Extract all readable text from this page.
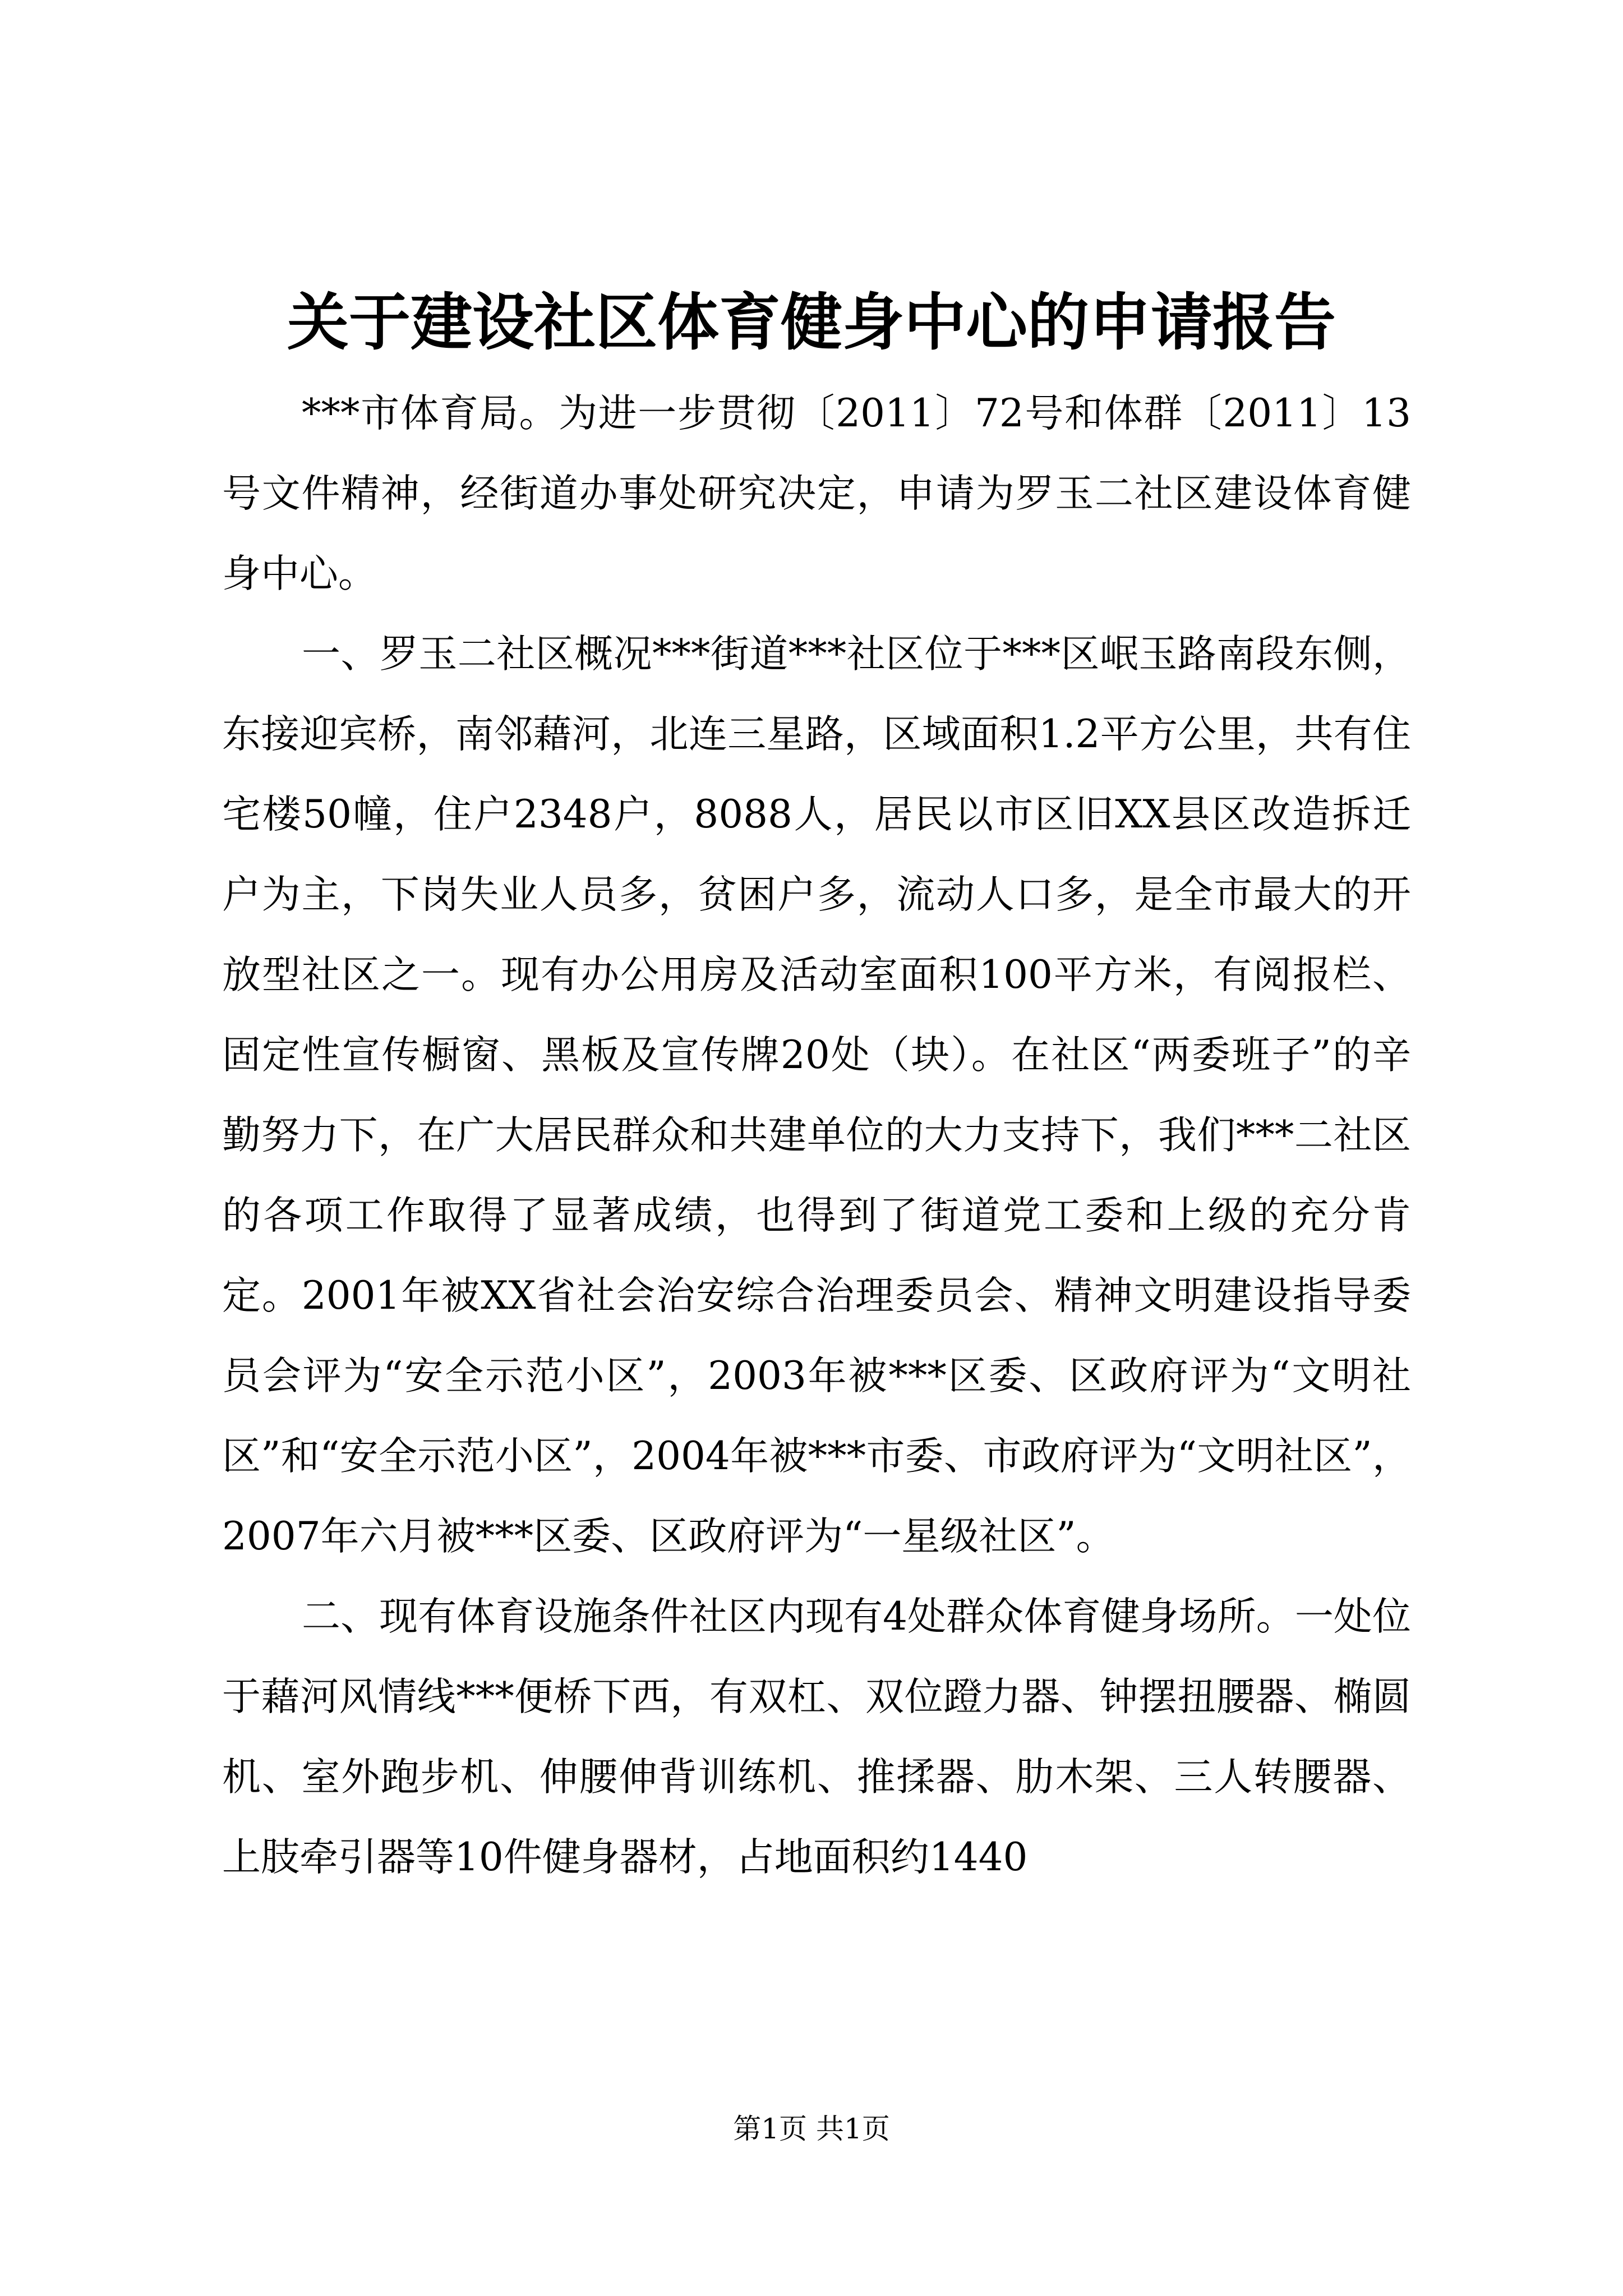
关于建设社区体育健身中心的申请报告

***市体育局。为进一步贯彻〔2011〕72号和体群〔2011〕13号文件精神，经街道办事处研究决定，申请为罗玉二社区建设体育健身中心。

一、罗玉二社区概况***街道***社区位于***区岷玉路南段东侧，东接迎宾桥，南邻藉河，北连三星路，区域面积1.2平方公里，共有住宅楼50幢，住户2348户，8088人，居民以市区旧XX县区改造拆迁户为主，下岗失业人员多，贫困户多，流动人口多，是全市最大的开放型社区之一。现有办公用房及活动室面积100平方米，有阅报栏、固定性宣传橱窗、黑板及宣传牌20处（块）。在社区“两委班子”的辛勤努力下，在广大居民群众和共建单位的大力支持下，我们***二社区的各项工作取得了显著成绩，也得到了街道党工委和上级的充分肯定。2001年被XX省社会治安综合治理委员会、精神文明建设指导委员会评为“安全示范小区”，2003年被***区委、区政府评为“文明社区”和“安全示范小区”，2004年被***市委、市政府评为“文明社区”，2007年六月被***区委、区政府评为“一星级社区”。

二、现有体育设施条件社区内现有4处群众体育健身场所。一处位于藉河风情线***便桥下西，有双杠、双位蹬力器、钟摆扭腰器、椭圆机、室外跑步机、伸腰伸背训练机、推揉器、肋木架、三人转腰器、上肢牵引器等10件健身器材，占地面积约1440

第1页 共1页
